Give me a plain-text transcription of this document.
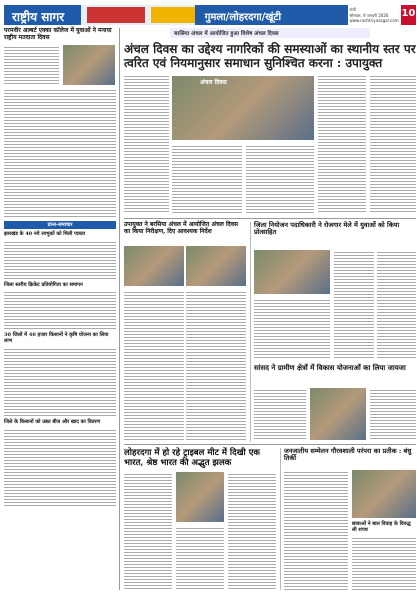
राष्ट्रीय सागर	गुमला/लोहरदगा/खूंटी
रांची
सोमवार, 9 जनवरी 2026
www.rashtriyasagar.com
10
परमवीर अल्बर्ट एक्का कॉलेज में युवाओं ने मनाया राष्ट्रीय मतदाता दिवस
प्रान्त-समाचार
झारखंड के 40 नये लाभुकों को मिली पात्रता
जिला स्तरीय क्रिकेट प्रतियोगिता का समापन
30 जिलों में 40 हजार किसानों ने कृषि योजना का लिया लाभ
जिले के किसानों को उन्नत बीज और खाद का वितरण
बरसिया अंचल में आयोजित हुआ विशेष अंचल दिवस
अंचल दिवस का उद्देश्य नागरिकों की समस्याओं का स्थानीय स्तर पर त्वरित एवं नियमानुसार समाधान सुनिश्चित करना : उपायुक्त
अंचल दिवस
उपायुक्त ने बरसिया अंचल में आयोजित अंचल दिवस का किया निरीक्षण, दिए आवश्यक निर्देश
जिला नियोजन पदाधिकारी ने रोजगार मेले में युवाओं को किया प्रोत्साहित
सांसद ने ग्रामीण क्षेत्रों में विकास योजनाओं का लिया जायजा
लोहरदगा में हो रहे ट्राइबल मीट में दिखी एक भारत, श्रेष्ठ भारत की अद्भुत झलक
जनजातीय सम्मेलन गौरवशाली परंपरा का प्रतीक : बंधु तिर्की
छात्राओं ने बाल विवाह के विरुद्ध ली शपथ
